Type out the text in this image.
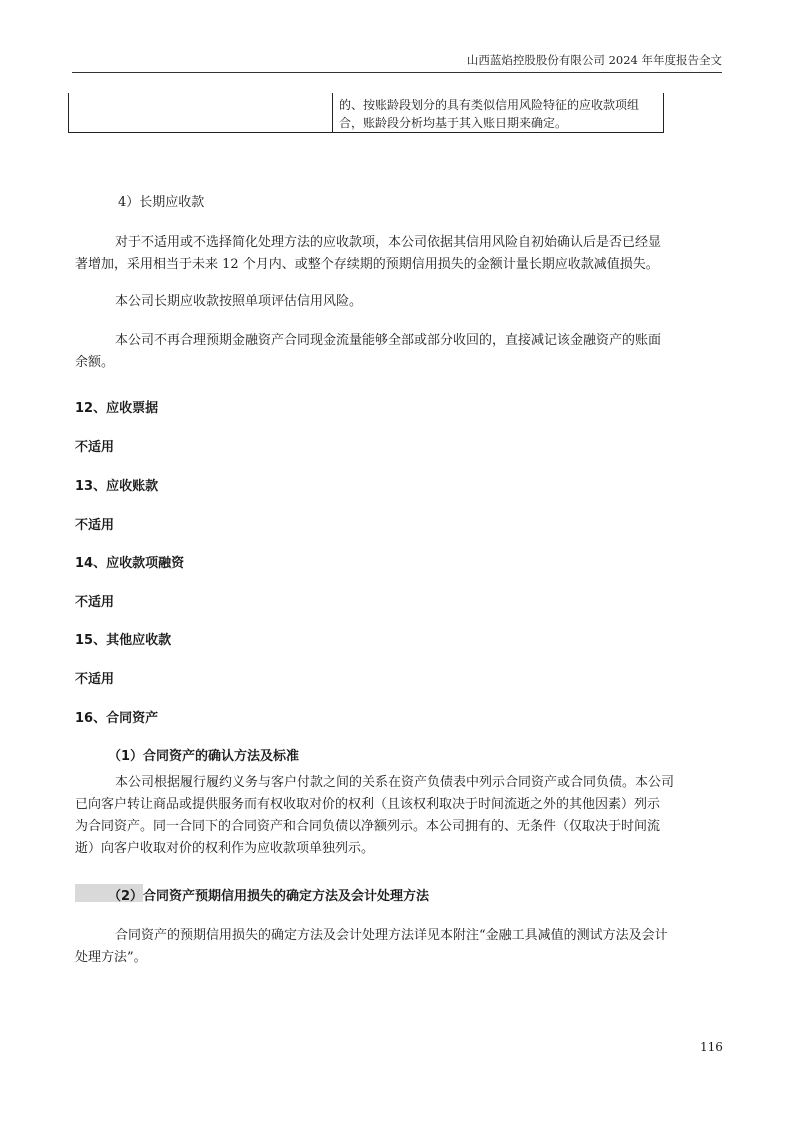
山西蓝焰控股股份有限公司 2024 年年度报告全文
的、按账龄段划分的具有类似信用风险特征的应收款项组
合，账龄段分析均基于其入账日期来确定。
4）长期应收款
对于不适用或不选择简化处理方法的应收款项，本公司依据其信用风险自初始确认后是否已经显
著增加，采用相当于未来 12 个月内、或整个存续期的预期信用损失的金额计量长期应收款减值损失。
本公司长期应收款按照单项评估信用风险。
本公司不再合理预期金融资产合同现金流量能够全部或部分收回的，直接减记该金融资产的账面
余额。
12、应收票据
不适用
13、应收账款
不适用
14、应收款项融资
不适用
15、其他应收款
不适用
16、合同资产
（1）合同资产的确认方法及标准
本公司根据履行履约义务与客户付款之间的关系在资产负债表中列示合同资产或合同负债。本公司
已向客户转让商品或提供服务而有权收取对价的权利（且该权利取决于时间流逝之外的其他因素）列示
为合同资产。同一合同下的合同资产和合同负债以净额列示。本公司拥有的、无条件（仅取决于时间流
逝）向客户收取对价的权利作为应收款项单独列示。
（2）合同资产预期信用损失的确定方法及会计处理方法
合同资产的预期信用损失的确定方法及会计处理方法详见本附注“金融工具减值的测试方法及会计
处理方法”。
116
